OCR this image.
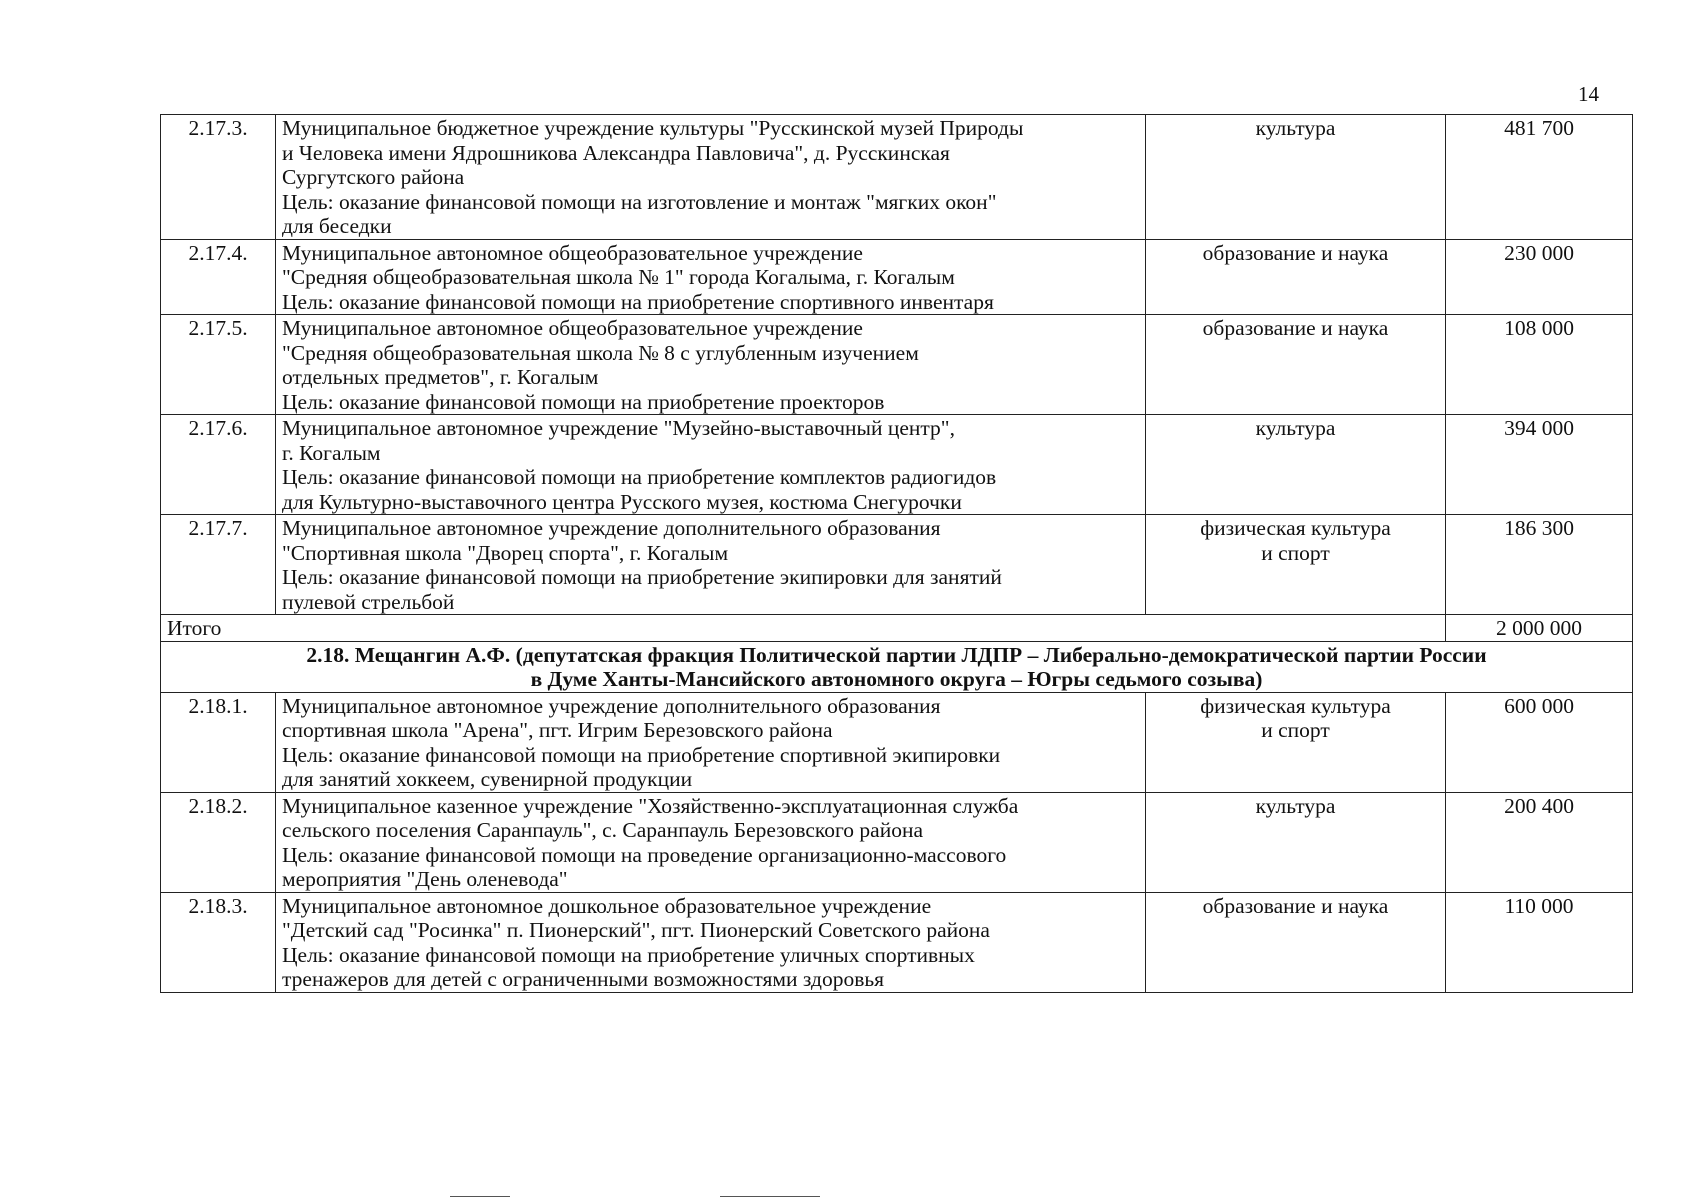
14
2.17.3.	Муниципальное бюджетное учреждение культуры "Русскинской музей Природы
и Человека имени Ядрошникова Александра Павловича", д. Русскинская
Сургутского района
Цель: оказание финансовой помощи на изготовление и монтаж "мягких окон"
для беседки	культура	481 700
2.17.4.	Муниципальное автономное общеобразовательное учреждение
"Средняя общеобразовательная школа № 1" города Когалыма, г. Когалым
Цель: оказание финансовой помощи на приобретение спортивного инвентаря	образование и наука	230 000
2.17.5.	Муниципальное автономное общеобразовательное учреждение
"Средняя общеобразовательная школа № 8 с углубленным изучением
отдельных предметов", г. Когалым
Цель: оказание финансовой помощи на приобретение проекторов	образование и наука	108 000
2.17.6.	Муниципальное автономное учреждение "Музейно-выставочный центр",
г. Когалым
Цель: оказание финансовой помощи на приобретение комплектов радиогидов
для Культурно-выставочного центра Русского музея, костюма Снегурочки	культура	394 000
2.17.7.	Муниципальное автономное учреждение дополнительного образования
"Спортивная школа "Дворец спорта", г. Когалым
Цель: оказание финансовой помощи на приобретение экипировки для занятий
пулевой стрельбой	физическая культура
и спорт	186 300
Итого			2 000 000

2.18. Мещангин А.Ф. (депутатская фракция Политической партии ЛДПР – Либерально-демократической партии России
в Думе Ханты-Мансийского автономного округа – Югры седьмого созыва)			

2.18.1.	Муниципальное автономное учреждение дополнительного образования
спортивная школа "Арена", пгт. Игрим Березовского района
Цель: оказание финансовой помощи на приобретение спортивной экипировки
для занятий хоккеем, сувенирной продукции	физическая культура
и спорт	600 000
2.18.2.	Муниципальное казенное учреждение "Хозяйственно-эксплуатационная служба
сельского поселения Саранпауль", с. Саранпауль Березовского района
Цель: оказание финансовой помощи на проведение организационно-массового
мероприятия "День оленевода"	культура	200 400
2.18.3.	Муниципальное автономное дошкольное образовательное учреждение
"Детский сад "Росинка" п. Пионерский", пгт. Пионерский Советского района
Цель: оказание финансовой помощи на приобретение уличных спортивных
тренажеров для детей с ограниченными возможностями здоровья	образование и наука	110 000
